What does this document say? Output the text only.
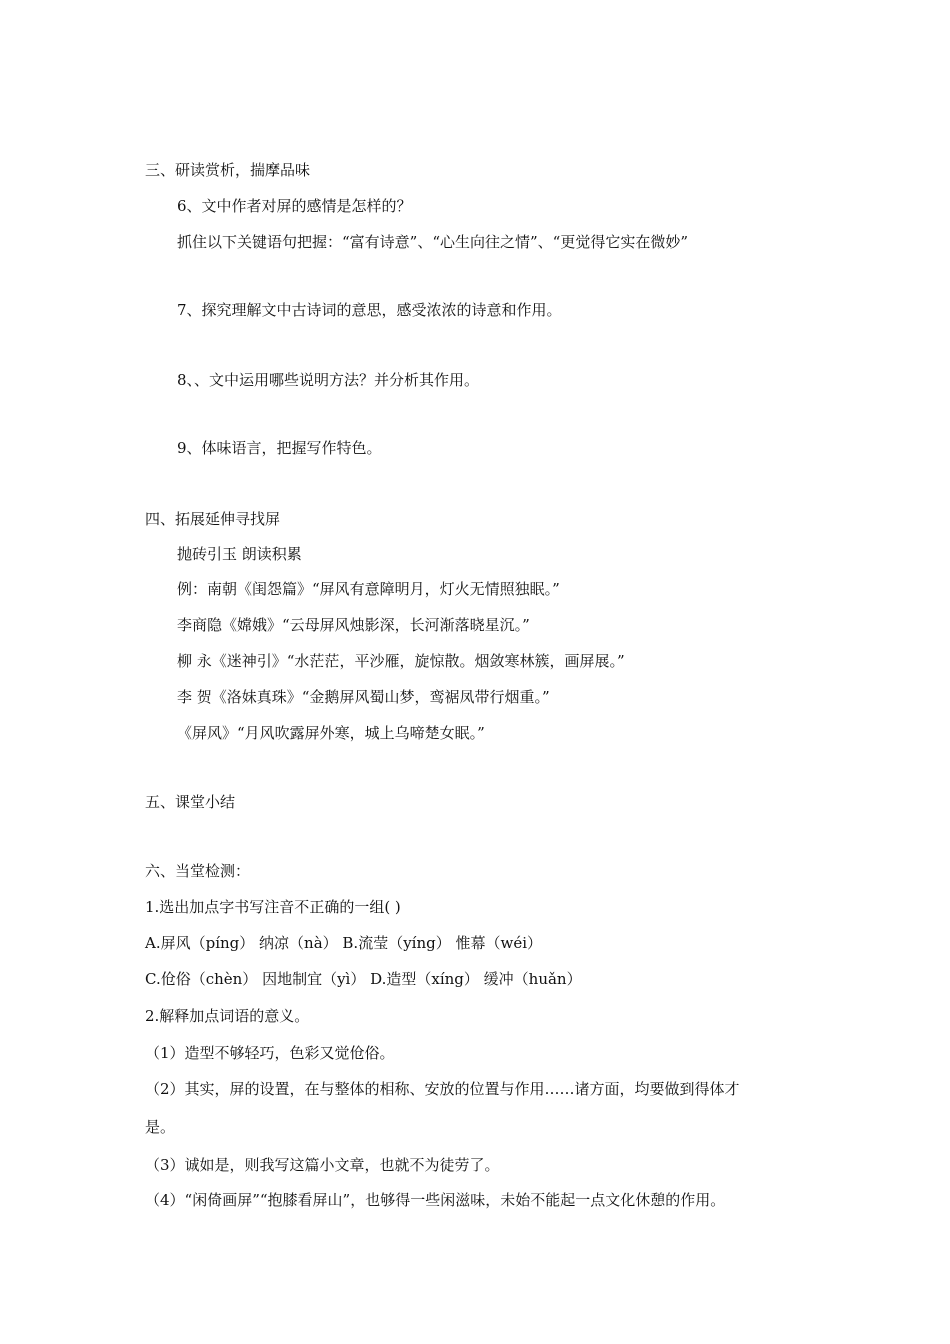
三、研读赏析，揣摩品味
6、文中作者对屏的感情是怎样的？
抓住以下关键语句把握：“富有诗意”、“心生向往之情”、“更觉得它实在微妙”
7、探究理解文中古诗词的意思，感受浓浓的诗意和作用。
8、、文中运用哪些说明方法？并分析其作用。
9、体味语言，把握写作特色。
四、拓展延伸寻找屏
抛砖引玉 朗读积累
例：南朝《闺怨篇》“屏风有意障明月，灯火无情照独眠。”
李商隐《嫦娥》“云母屏风烛影深，长河渐落晓星沉。”
柳 永《迷神引》“水茫茫，平沙雁，旋惊散。烟敛寒林簇，画屏展。”
李 贺《洛妹真珠》“金鹅屏风蜀山梦，鸾裾凤带行烟重。”
《屏风》“月风吹露屏外寒，城上乌啼楚女眠。”
五、课堂小结
六、当堂检测：
1.选出加点字书写注音不正确的一组( )
A.屏风（píng） 纳凉（nà） B.流莹（yíng） 惟幕（wéi）
C.伧俗（chèn） 因地制宜（yì） D.造型（xíng） 缓冲（huǎn）
2.解释加点词语的意义。
（1）造型不够轻巧，色彩又觉伧俗。
（2）其实，屏的设置，在与整体的相称、安放的位置与作用……诸方面，均要做到得体才
是。
（3）诚如是，则我写这篇小文章，也就不为徒劳了。
（4）“闲倚画屏”“抱膝看屏山”，也够得一些闲滋味，未始不能起一点文化休憩的作用。
